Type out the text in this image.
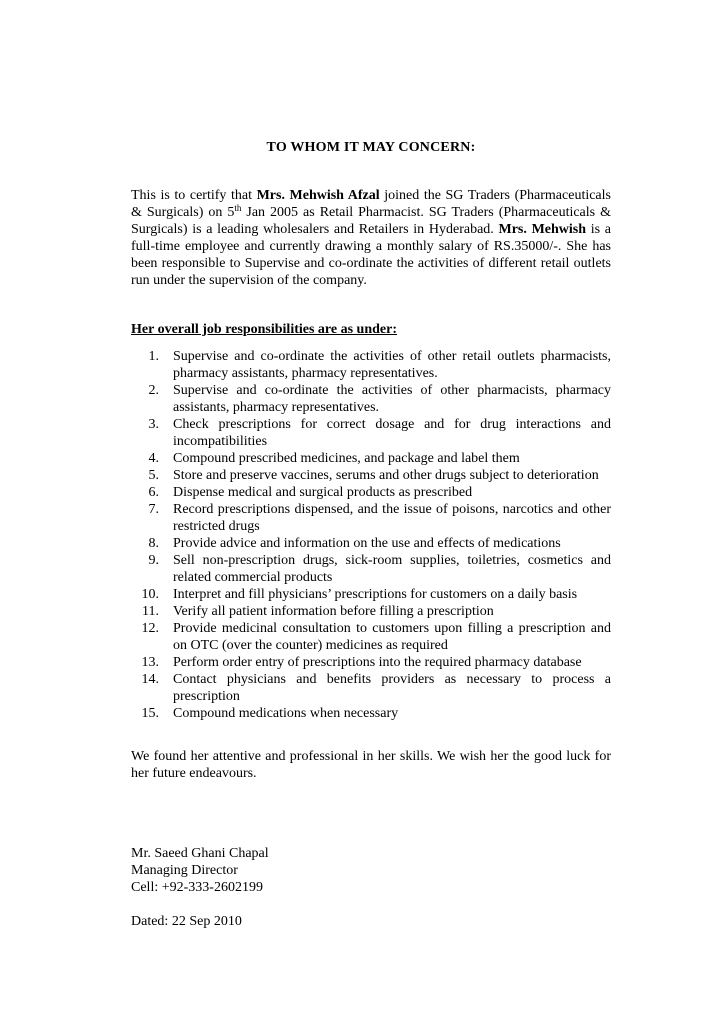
TO WHOM IT MAY CONCERN:

This is to certify that Mrs. Mehwish Afzal joined the SG Traders (Pharmaceuticals & Surgicals) on 5th Jan 2005 as Retail Pharmacist. SG Traders (Pharmaceuticals & Surgicals) is a leading wholesalers and Retailers in Hyderabad. Mrs. Mehwish is a full-time employee and currently drawing a monthly salary of RS.35000/-. She has been responsible to Supervise and co-ordinate the activities of different retail outlets run under the supervision of the company.

Her overall job responsibilities are as under:
1. Supervise and co-ordinate the activities of other retail outlets pharmacists, pharmacy assistants, pharmacy representatives.
2. Supervise and co-ordinate the activities of other pharmacists, pharmacy assistants, pharmacy representatives.
3. Check prescriptions for correct dosage and for drug interactions and incompatibilities
4. Compound prescribed medicines, and package and label them
5. Store and preserve vaccines, serums and other drugs subject to deterioration
6. Dispense medical and surgical products as prescribed
7. Record prescriptions dispensed, and the issue of poisons, narcotics and other restricted drugs
8. Provide advice and information on the use and effects of medications
9. Sell non-prescription drugs, sick-room supplies, toiletries, cosmetics and related commercial products
10. Interpret and fill physicians’ prescriptions for customers on a daily basis
11. Verify all patient information before filling a prescription
12. Provide medicinal consultation to customers upon filling a prescription and on OTC (over the counter) medicines as required
13. Perform order entry of prescriptions into the required pharmacy database
14. Contact physicians and benefits providers as necessary to process a prescription
15. Compound medications when necessary

We found her attentive and professional in her skills. We wish her the good luck for her future endeavours.

Mr. Saeed Ghani Chapal
Managing Director
Cell: +92-333-2602199
Dated: 22 Sep 2010
